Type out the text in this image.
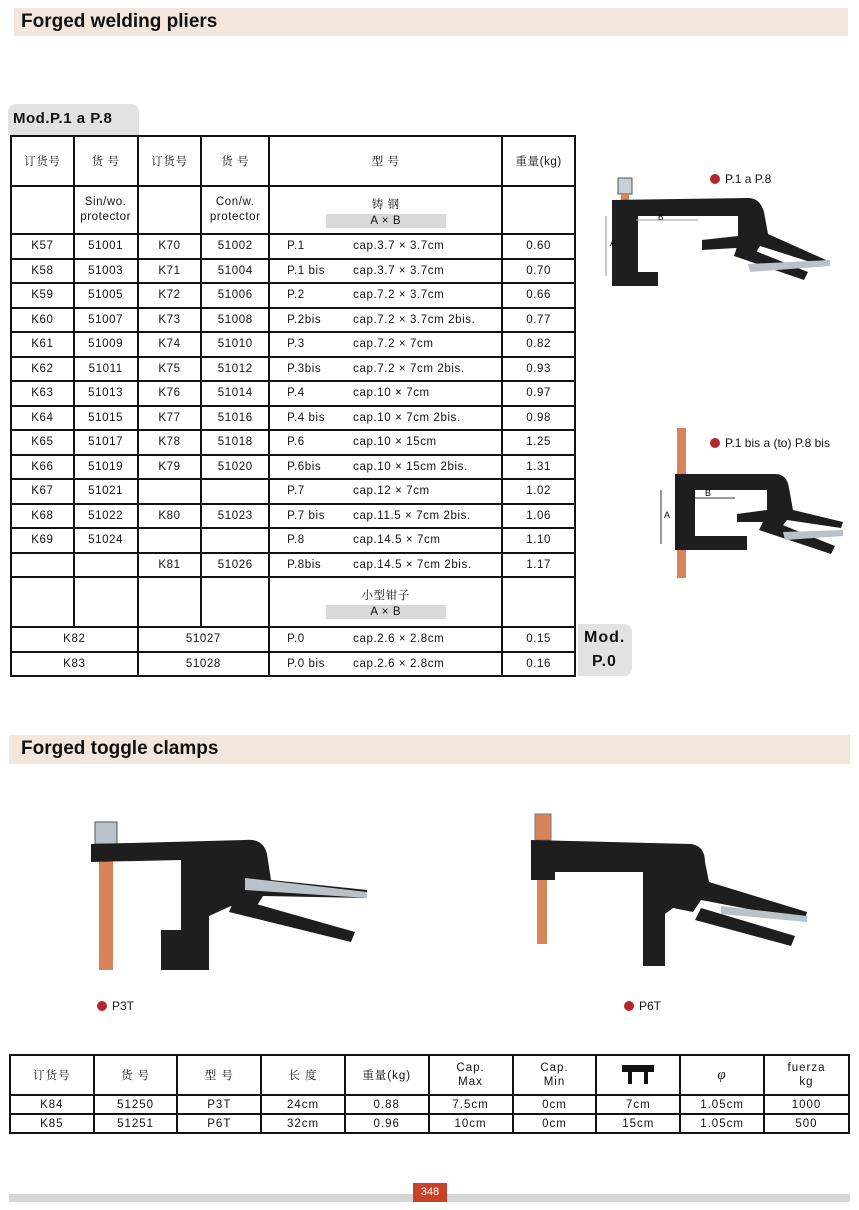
Forged welding pliers
Mod.P.1 a P.8
订货号	货 号	订货号	货 号	型 号	重量(kg)
	Sin/wo. protector		Con/w. protector	铸 钢
A × B	
K57	51001	K70	51002	P.1 cap.3.7 × 3.7cm	0.60
K58	51003	K71	51004	P.1 bis cap.3.7 × 3.7cm	0.70
K59	51005	K72	51006	P.2 cap.7.2 × 3.7cm	0.66
K60	51007	K73	51008	P.2bis cap.7.2 × 3.7cm 2bis.	0.77
K61	51009	K74	51010	P.3 cap.7.2 × 7cm	0.82
K62	51011	K75	51012	P.3bis cap.7.2 × 7cm 2bis.	0.93
K63	51013	K76	51014	P.4 cap.10 × 7cm	0.97
K64	51015	K77	51016	P.4 bis cap.10 × 7cm 2bis.	0.98
K65	51017	K78	51018	P.6 cap.10 × 15cm	1.25
K66	51019	K79	51020	P.6bis cap.10 × 15cm 2bis.	1.31
K67	51021			P.7 cap.12 × 7cm	1.02
K68	51022	K80	51023	P.7 bis cap.11.5 × 7cm 2bis.	1.06
K69	51024			P.8 cap.14.5 × 7cm	1.10
		K81	51026	P.8bis cap.14.5 × 7cm 2bis.	1.17

				小型钳子
A × B	
K82		51027		P.0 cap.2.6 × 2.8cm	0.15
K83		51028		P.0 bis cap.2.6 × 2.8cm	0.16
Mod.
P.0
P.1 a P.8
B
A
P.1 bis a (to) P.8 bis
B
A
Forged toggle clamps
P3T	P6T
订货号	货 号	型 号	长 度	重量(kg)	Cap. Max	Cap. Min		φ	fuerza kg
K84	51250	P3T	24cm	0.88	7.5cm	0cm	7cm	1.05cm	1000
K85	51251	P6T	32cm	0.96	10cm	0cm	15cm	1.05cm	500
348
